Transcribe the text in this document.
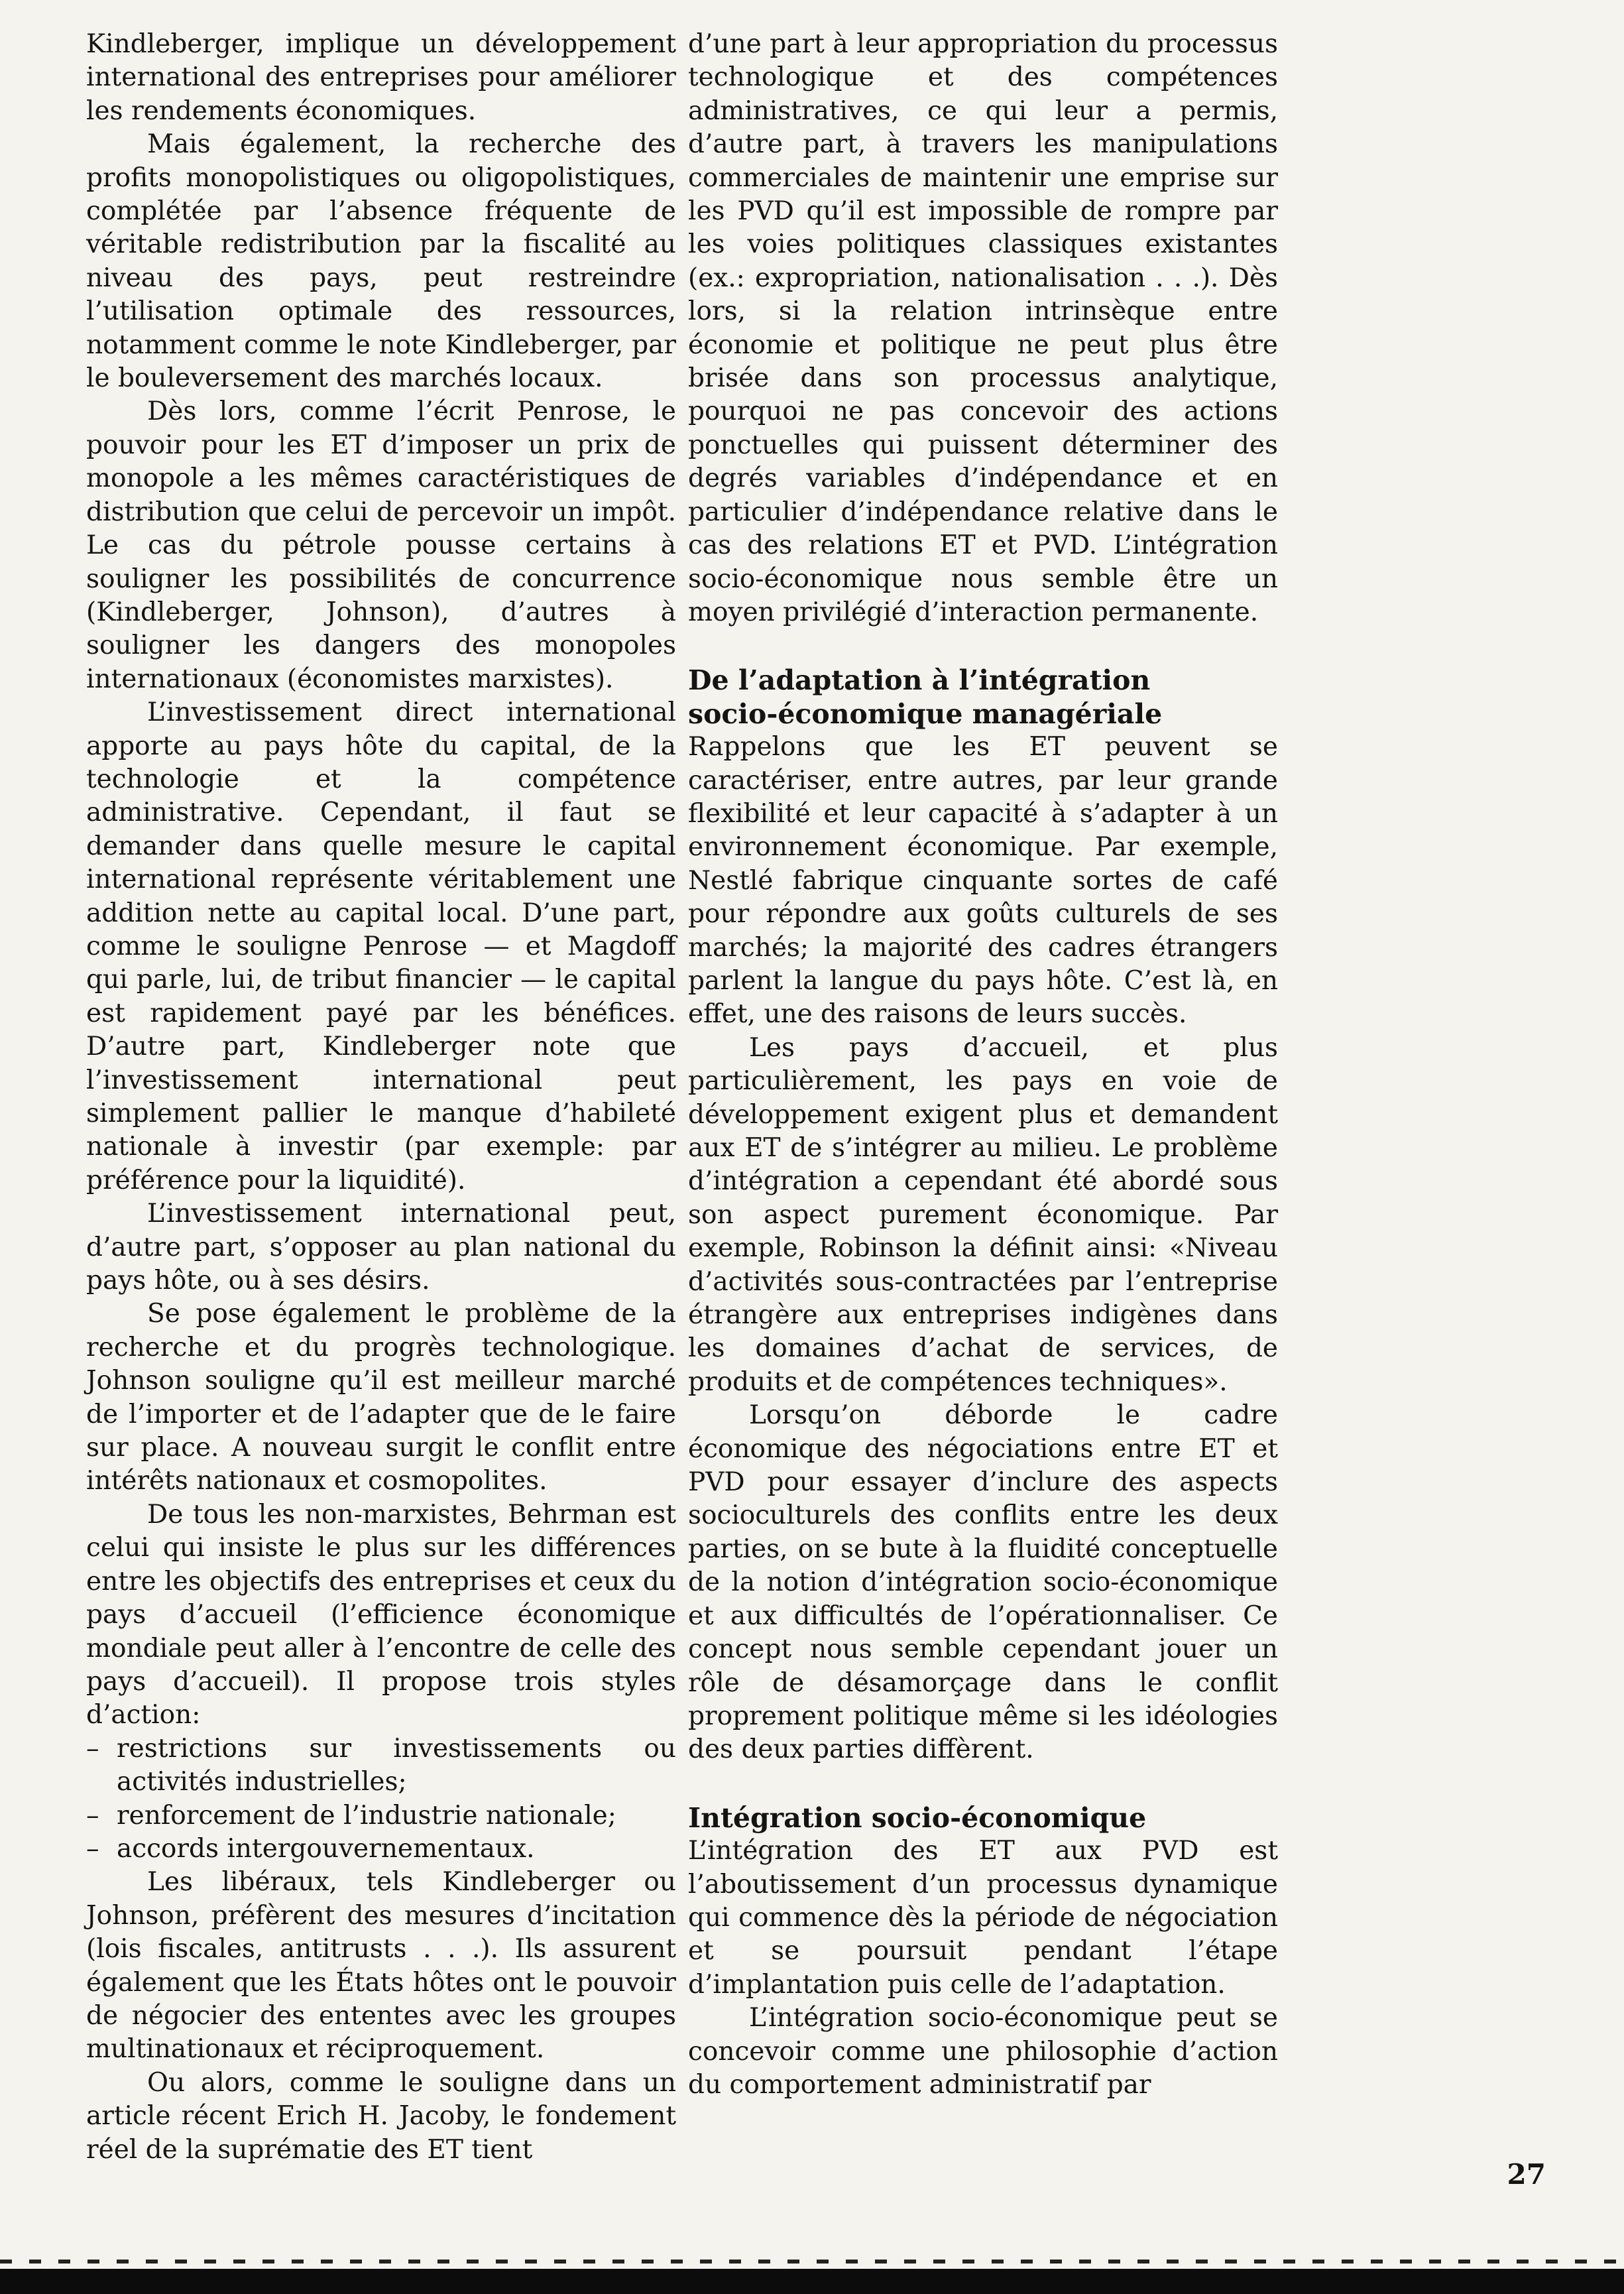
Kindleberger, implique un développement international des entreprises pour améliorer les rendements économiques.

Mais également, la recherche des profits monopolistiques ou oligopolistiques, complétée par l’absence fréquente de véritable redistribution par la fiscalité au niveau des pays, peut restreindre l’utilisation optimale des ressources, notamment comme le note Kindleberger, par le bouleversement des marchés locaux.

Dès lors, comme l’écrit Penrose, le pouvoir pour les ET d’imposer un prix de monopole a les mêmes caractéristiques de distribution que celui de percevoir un impôt. Le cas du pétrole pousse certains à souligner les possibilités de concurrence (Kindleberger, Johnson), d’autres à souligner les dangers des monopoles internationaux (économistes marxistes).

L’investissement direct international apporte au pays hôte du capital, de la technologie et la compétence administrative. Cependant, il faut se demander dans quelle mesure le capital international représente véritablement une addition nette au capital local. D’une part, comme le souligne Penrose — et Magdoff qui parle, lui, de tribut financier — le capital est rapidement payé par les bénéfices. D’autre part, Kindleberger note que l’investissement international peut simplement pallier le manque d’habileté nationale à investir (par exemple: par préférence pour la liquidité).

L’investissement international peut, d’autre part, s’opposer au plan national du pays hôte, ou à ses désirs.

Se pose également le problème de la recherche et du progrès technologique. Johnson souligne qu’il est meilleur marché de l’importer et de l’adapter que de le faire sur place. A nouveau surgit le conflit entre intérêts nationaux et cosmopolites.

De tous les non-marxistes, Behrman est celui qui insiste le plus sur les différences entre les objectifs des entreprises et ceux du pays d’accueil (l’efficience économique mondiale peut aller à l’encontre de celle des pays d’accueil). Il propose trois styles d’action:

– restrictions sur investissements ou activités industrielles;
– renforcement de l’industrie nationale;
– accords intergouvernementaux.

Les libéraux, tels Kindleberger ou Johnson, préfèrent des mesures d’incitation (lois fiscales, antitrusts . . .). Ils assurent également que les États hôtes ont le pouvoir de négocier des ententes avec les groupes multinationaux et réciproquement.

Ou alors, comme le souligne dans un article récent Erich H. Jacoby, le fondement réel de la suprématie des ET tient

d’une part à leur appropriation du processus technologique et des compétences administratives, ce qui leur a permis, d’autre part, à travers les manipulations commerciales de maintenir une emprise sur les PVD qu’il est impossible de rompre par les voies politiques classiques existantes (ex.: expropriation, nationalisation . . .). Dès lors, si la relation intrinsèque entre économie et politique ne peut plus être brisée dans son processus analytique, pourquoi ne pas concevoir des actions ponctuelles qui puissent déterminer des degrés variables d’indépendance et en particulier d’indépendance relative dans le cas des relations ET et PVD. L’intégration socio-économique nous semble être un moyen privilégié d’interaction permanente.

De l’adaptation à l’intégration
socio-économique managériale

Rappelons que les ET peuvent se caractériser, entre autres, par leur grande flexibilité et leur capacité à s’adapter à un environnement économique. Par exemple, Nestlé fabrique cinquante sortes de café pour répondre aux goûts culturels de ses marchés; la majorité des cadres étrangers parlent la langue du pays hôte. C’est là, en effet, une des raisons de leurs succès.

Les pays d’accueil, et plus particulièrement, les pays en voie de développement exigent plus et demandent aux ET de s’intégrer au milieu. Le problème d’intégration a cependant été abordé sous son aspect purement économique. Par exemple, Robinson la définit ainsi: «Niveau d’activités sous-contractées par l’entreprise étrangère aux entreprises indigènes dans les domaines d’achat de services, de produits et de compétences techniques».

Lorsqu’on déborde le cadre économique des négociations entre ET et PVD pour essayer d’inclure des aspects socioculturels des conflits entre les deux parties, on se bute à la fluidité conceptuelle de la notion d’intégration socio-économique et aux difficultés de l’opérationnaliser. Ce concept nous semble cependant jouer un rôle de désamorçage dans le conflit proprement politique même si les idéologies des deux parties diffèrent.

Intégration socio-économique

L’intégration des ET aux PVD est l’aboutissement d’un processus dynamique qui commence dès la période de négociation et se poursuit pendant l’étape d’implantation puis celle de l’adaptation.

L’intégration socio-économique peut se concevoir comme une philosophie d’action du comportement administratif par

27
